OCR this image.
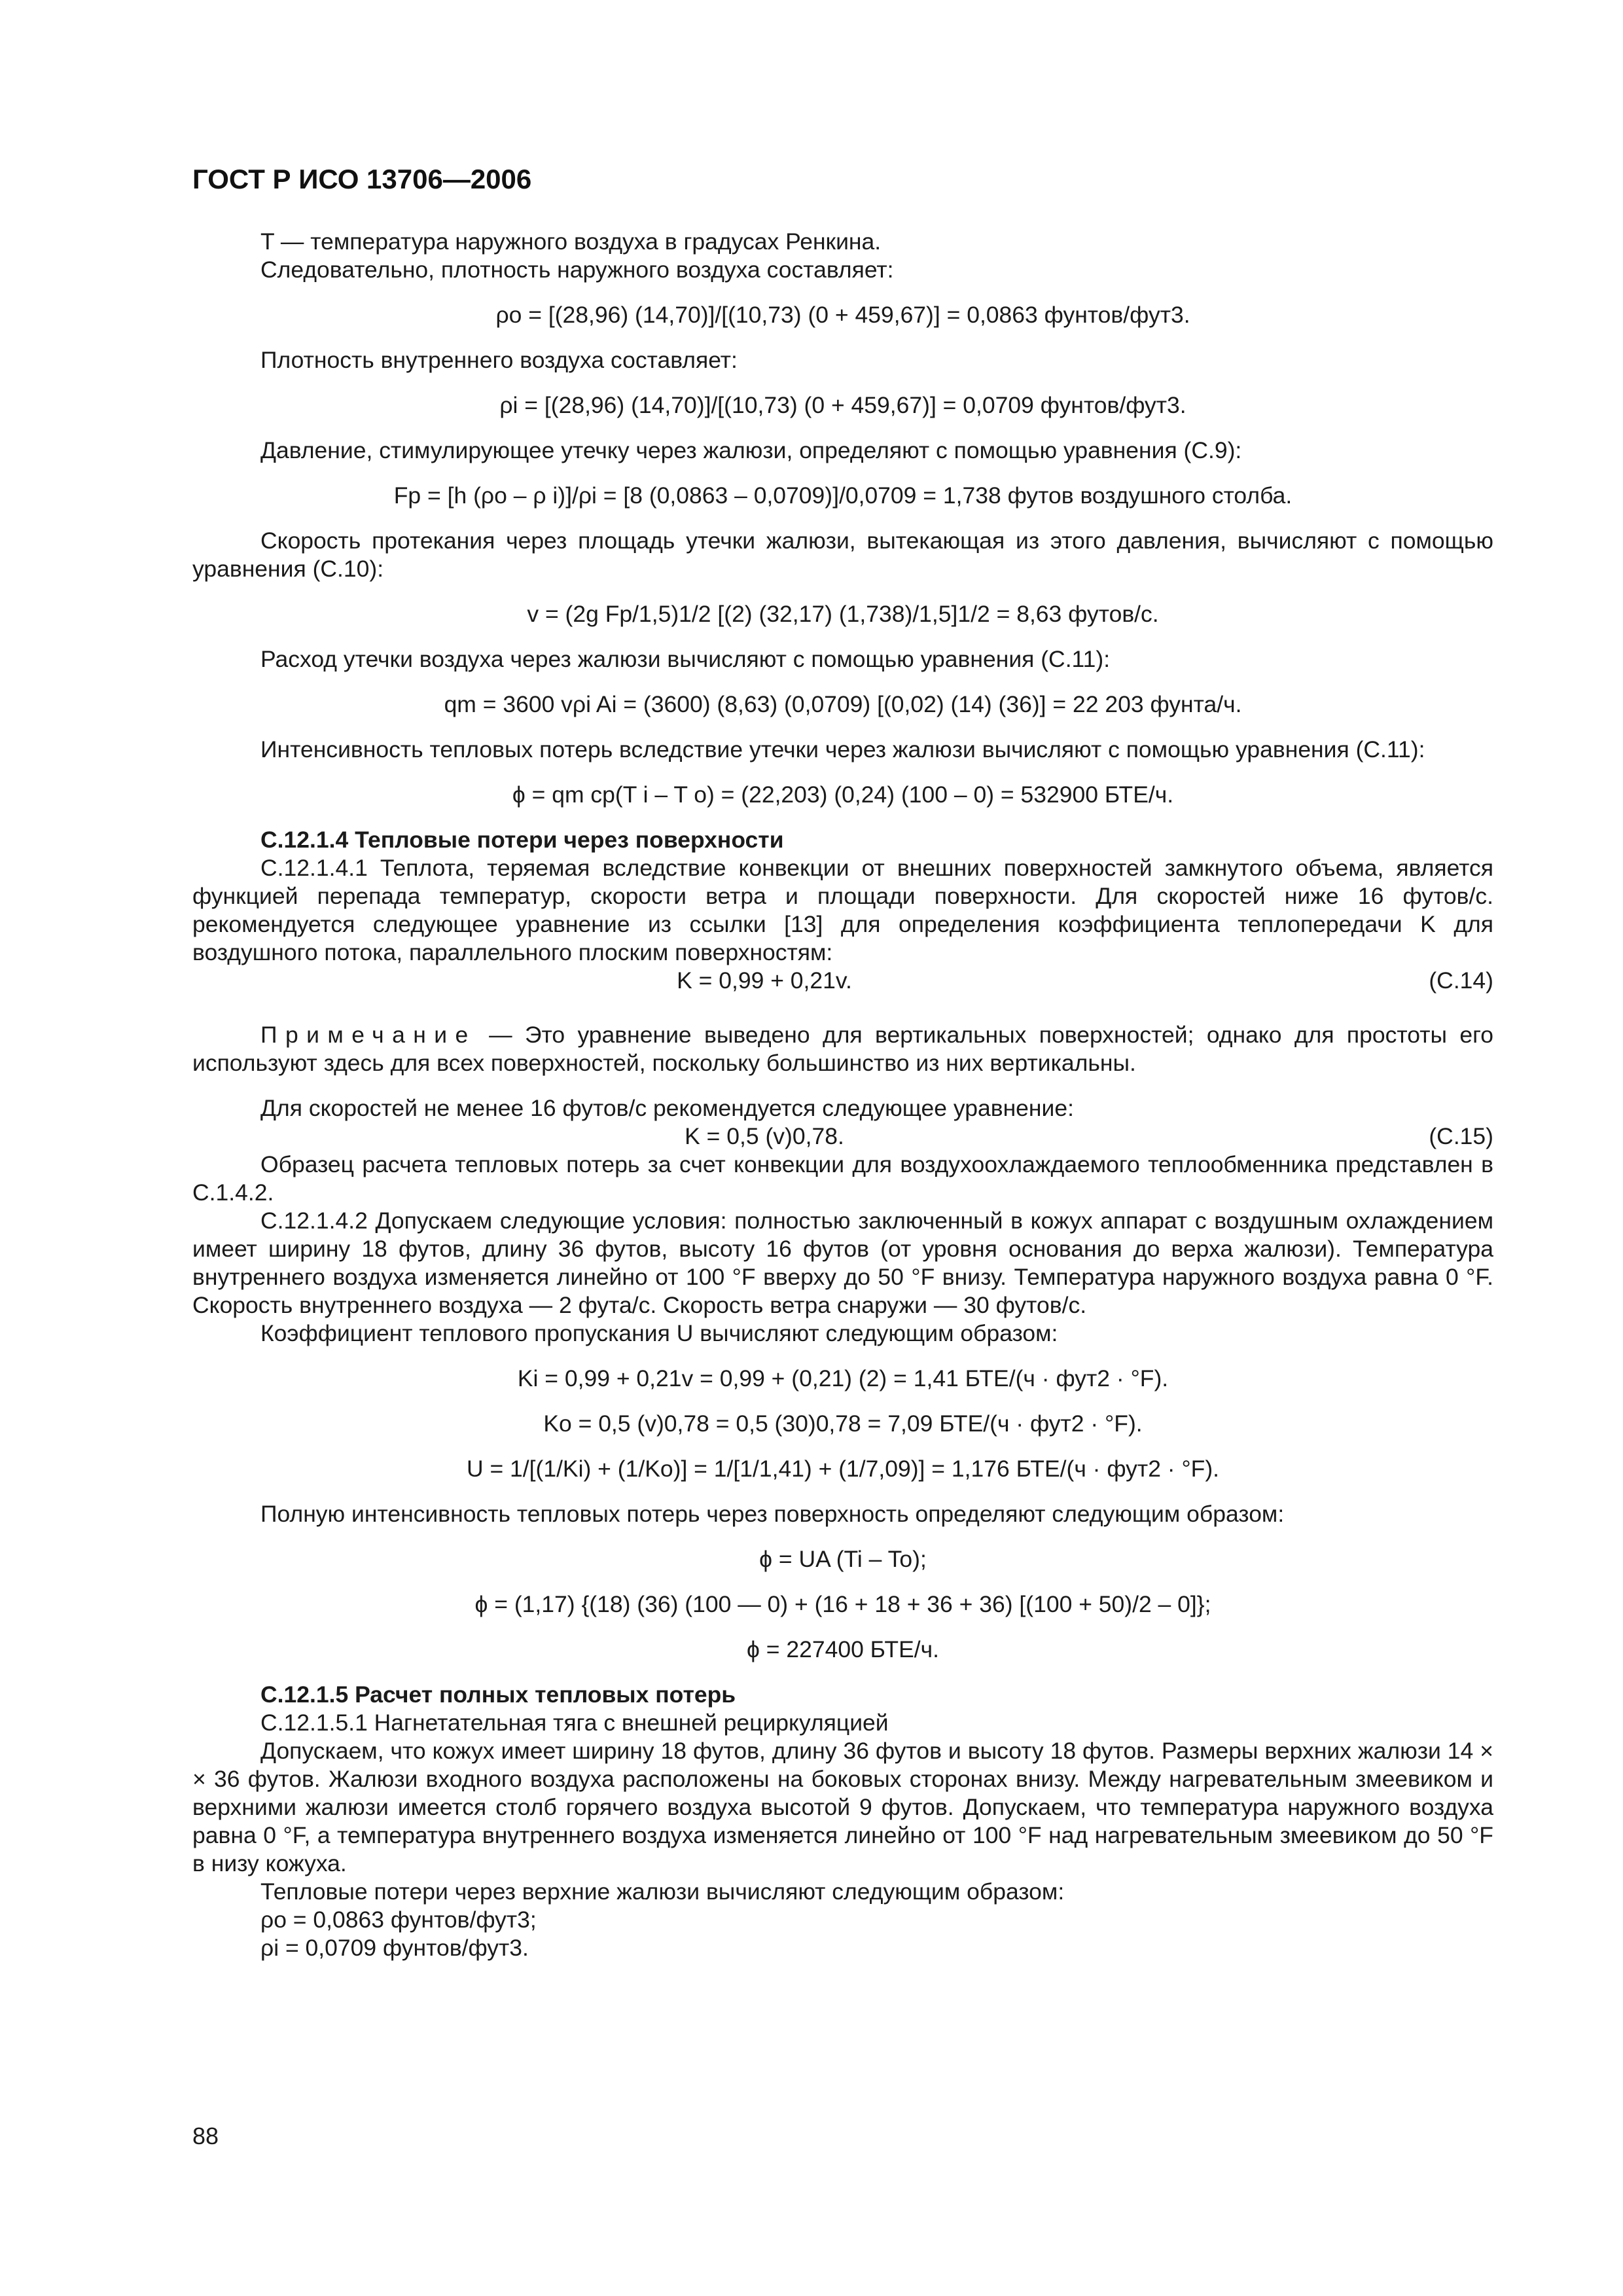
ГОСТ Р ИСО 13706—2006

T — температура наружного воздуха в градусах Ренкина.

Следовательно, плотность наружного воздуха составляет:

ρo = [(28,96) (14,70)]/[(10,73) (0 + 459,67)] = 0,0863 фунтов/фут3.

Плотность внутреннего воздуха составляет:

ρi = [(28,96) (14,70)]/[(10,73) (0 + 459,67)] = 0,0709 фунтов/фут3.

Давление, стимулирующее утечку через жалюзи, определяют с помощью уравнения (C.9):

Fp = [h (ρo – ρ i)]/ρi = [8 (0,0863 – 0,0709)]/0,0709 = 1,738 футов воздушного столба.

Скорость протекания через площадь утечки жалюзи, вытекающая из этого давления, вычисляют с помощью уравнения (C.10):

v = (2g Fp/1,5)1/2 [(2) (32,17) (1,738)/1,5]1/2 = 8,63 футов/с.

Расход утечки воздуха через жалюзи вычисляют с помощью уравнения (C.11):

qm = 3600 vρi Ai = (3600) (8,63) (0,0709) [(0,02) (14) (36)] = 22 203 фунта/ч.

Интенсивность тепловых потерь вследствие утечки через жалюзи вычисляют с помощью уравнения (C.11):

ϕ = qm cp(T i – T o) = (22,203) (0,24) (100 – 0) = 532900 БТЕ/ч.

C.12.1.4 Тепловые потери через поверхности

C.12.1.4.1 Теплота, теряемая вследствие конвекции от внешних поверхностей замкнутого объема, является функцией перепада температур, скорости ветра и площади поверхности. Для скоростей ниже 16 футов/с. рекомендуется следующее уравнение из ссылки [13] для определения коэффициента теплопередачи K для воздушного потока, параллельного плоским поверхностям:

K = 0,99 + 0,21v.	(C.14)

Примечание — Это уравнение выведено для вертикальных поверхностей; однако для простоты его используют здесь для всех поверхностей, поскольку большинство из них вертикальны.

Для скоростей не менее 16 футов/с рекомендуется следующее уравнение:

K = 0,5 (v)0,78.	(C.15)

Образец расчета тепловых потерь за счет конвекции для воздухоохлаждаемого теплообменника представлен в C.1.4.2.

C.12.1.4.2 Допускаем следующие условия: полностью заключенный в кожух аппарат с воздушным охлаждением имеет ширину 18 футов, длину 36 футов, высоту 16 футов (от уровня основания до верха жалюзи). Температура внутреннего воздуха изменяется линейно от 100 °F вверху до 50 °F внизу. Температура наружного воздуха равна 0 °F. Скорость внутреннего воздуха — 2 фута/с. Скорость ветра снаружи — 30 футов/с.

Коэффициент теплового пропускания U вычисляют следующим образом:

Ki = 0,99 + 0,21v = 0,99 + (0,21) (2) = 1,41 БТЕ/(ч · фут2 · °F).

Ko = 0,5 (v)0,78 = 0,5 (30)0,78 = 7,09 БТЕ/(ч · фут2 · °F).

U = 1/[(1/Ki) + (1/Ko)] = 1/[1/1,41) + (1/7,09)] = 1,176 БТЕ/(ч · фут2 · °F).

Полную интенсивность тепловых потерь через поверхность определяют следующим образом:

ϕ = UA (Ti – To);

ϕ = (1,17) {(18) (36) (100 — 0) + (16 + 18 + 36 + 36) [(100 + 50)/2 – 0]};

ϕ = 227400 БТЕ/ч.

C.12.1.5 Расчет полных тепловых потерь

C.12.1.5.1 Нагнетательная тяга с внешней рециркуляцией

Допускаем, что кожух имеет ширину 18 футов, длину 36 футов и высоту 18 футов. Размеры верхних жалюзи 14 × × 36 футов. Жалюзи входного воздуха расположены на боковых сторонах внизу. Между нагревательным змеевиком и верхними жалюзи имеется столб горячего воздуха высотой 9 футов. Допускаем, что температура наружного воздуха равна 0 °F, а температура внутреннего воздуха изменяется линейно от 100 °F над нагревательным змеевиком до 50 °F в низу кожуха.

Тепловые потери через верхние жалюзи вычисляют следующим образом:

ρo = 0,0863 фунтов/фут3;

ρi = 0,0709 фунтов/фут3.

88
